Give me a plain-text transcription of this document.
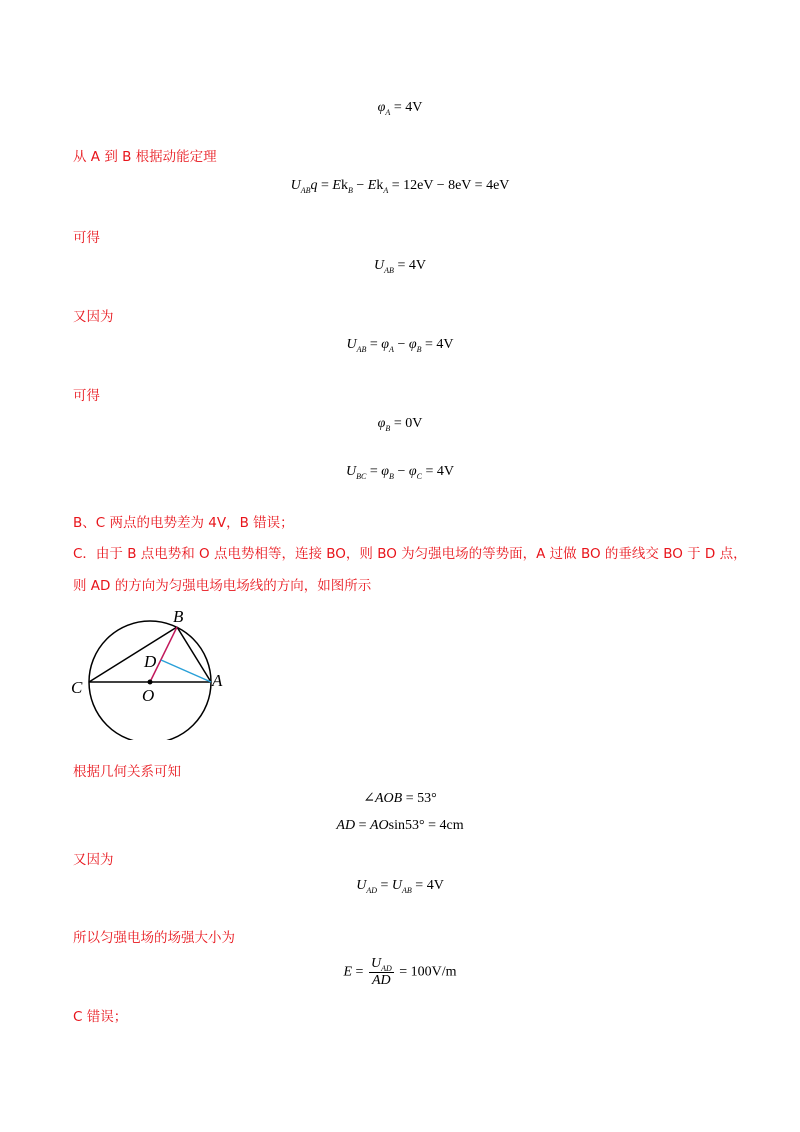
$\varphi_A = 4V$
从 A 到 B 根据动能定理
$U_{AB}q = Ek_B - Ek_A = 12eV - 8eV = 4eV$
可得
$U_{AB} = 4V$
又因为
$U_{AB} = \varphi_A - \varphi_B = 4V$
可得
$\varphi_B = 0V$
$U_{BC} = \varphi_B - \varphi_C = 4V$
B、C 两点的电势差为 4V，B 错误；
C．由于 B 点电势和 O 点电势相等，连接 BO，则 BO 为匀强电场的等势面，A 过做 BO 的垂线交 BO 于 D 点，
则 AD 的方向为匀强电场电场线的方向，如图所示
B
D
C	O
A
根据几何关系可知
∠AOB = 53°
AD = AOsin53° = 4cm
又因为
$U_{AD} = U_{AB} = 4V$
所以匀强电场的场强大小为
$E = \frac{U_{AD}}{AD} = 100V/m$
C 错误；
